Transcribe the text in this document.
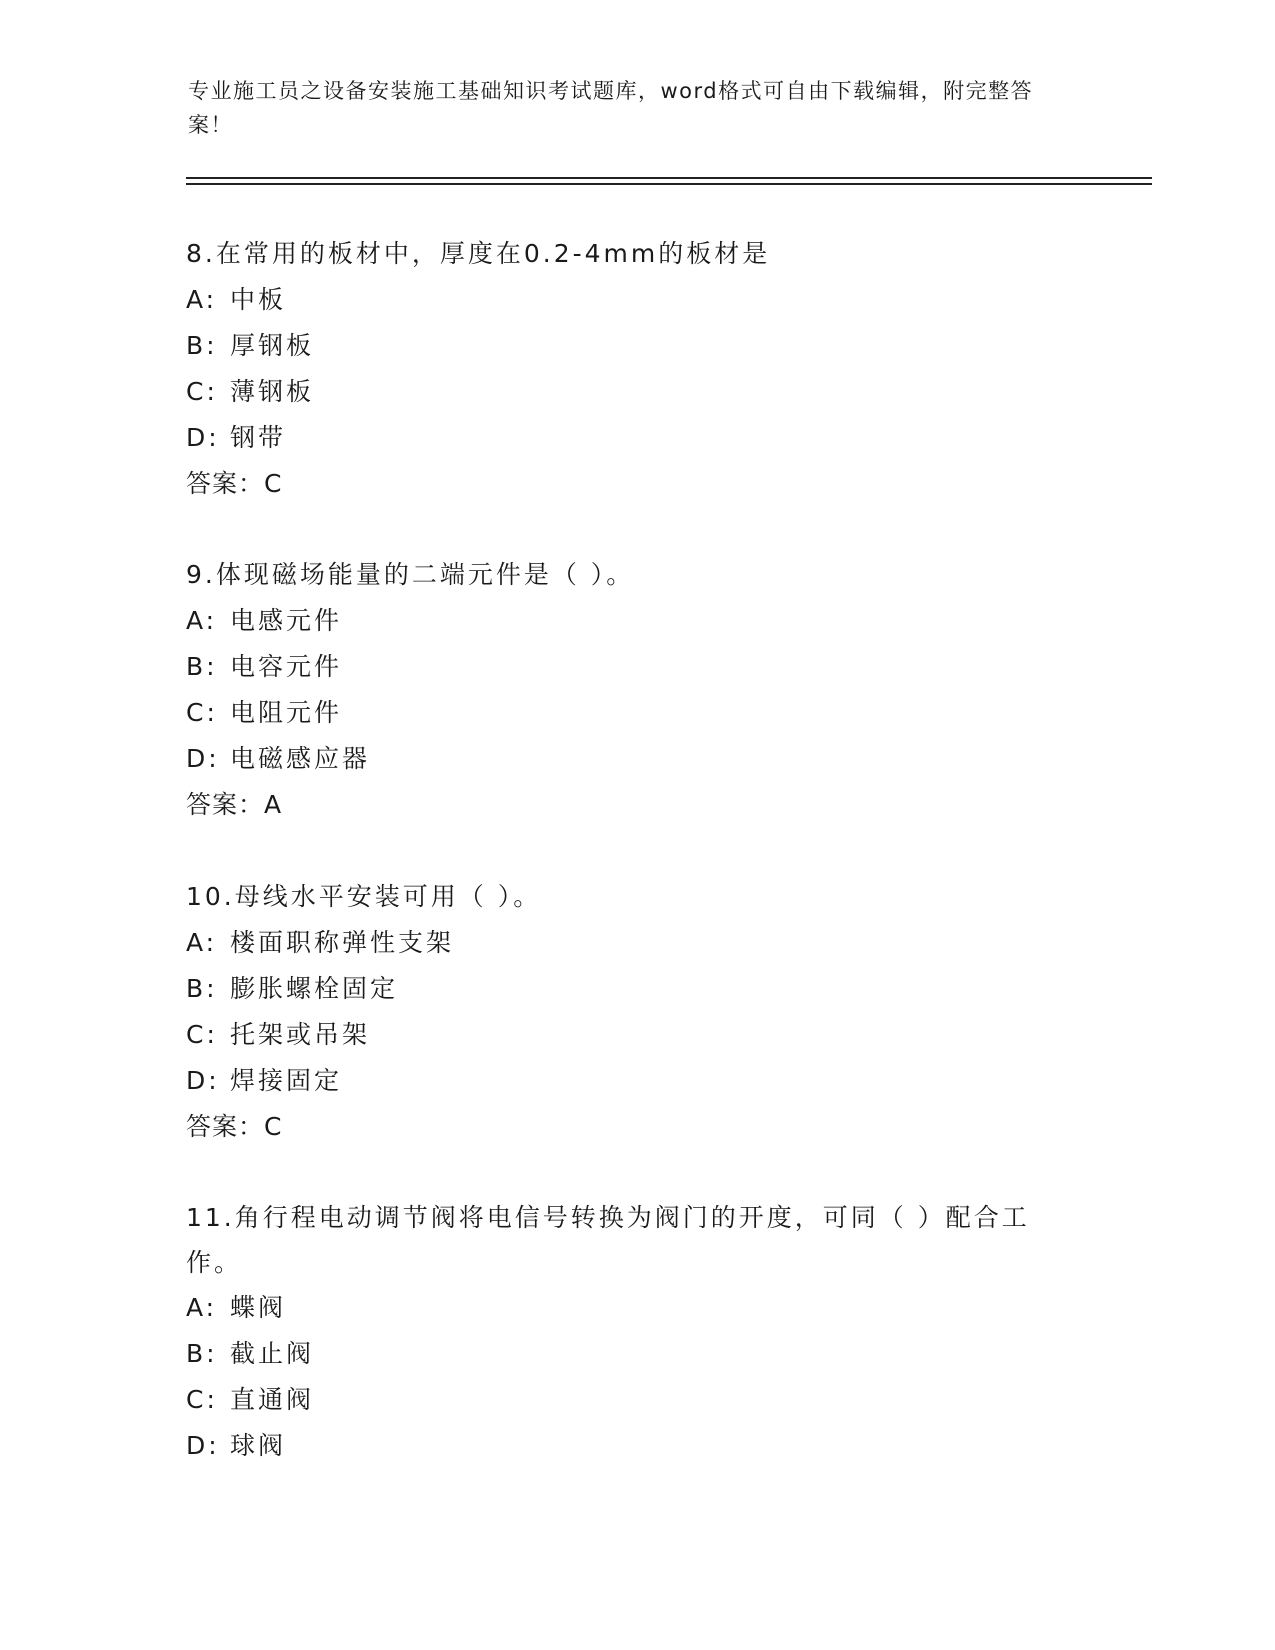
专业施工员之设备安装施工基础知识考试题库，word格式可自由下载编辑，附完整答案！
8.在常用的板材中，厚度在0.2-4mm的板材是
A: 中板
B: 厚钢板
C: 薄钢板
D: 钢带
答案：C
9.体现磁场能量的二端元件是（ ）。
A: 电感元件
B: 电容元件
C: 电阻元件
D: 电磁感应器
答案：A
10.母线水平安装可用（ ）。
A: 楼面职称弹性支架
B: 膨胀螺栓固定
C: 托架或吊架
D: 焊接固定
答案：C
11.角行程电动调节阀将电信号转换为阀门的开度，可同（ ）配合工作。
A: 蝶阀
B: 截止阀
C: 直通阀
D: 球阀
